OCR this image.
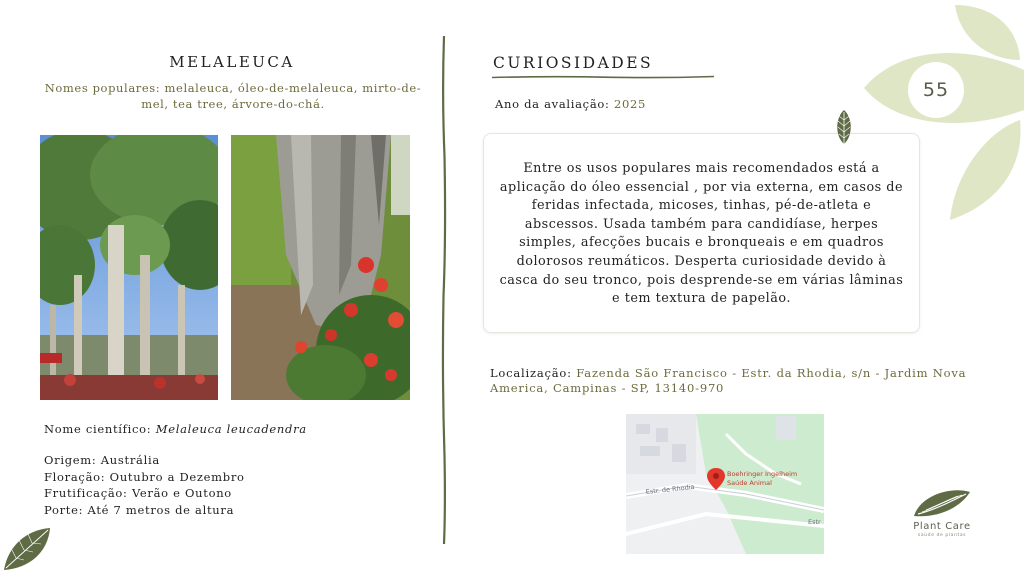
MELALEUCA
Nomes populares: melaleuca, óleo-de-melaleuca, mirto-de-mel, tea tree, árvore-do-chá.
Nome científico: Melaleuca leucadendra
Origem: Austrália
Floração: Outubro a Dezembro
Frutificação: Verão e Outono
Porte: Até 7 metros de altura
CURIOSIDADES
Ano da avaliação: 2025

Entre os usos populares mais recomendados está a aplicação do óleo essencial , por via externa, em casos de feridas infectada, micoses, tinhas, pé-de-atleta e abscessos. Usada também para candidíase, herpes simples, afecções bucais e bronqueais e em quadros dolorosos reumáticos. Desperta curiosidade devido à casca do seu tronco, pois desprende-se em várias lâminas e tem textura de papelão.

Localização: Fazenda São Francisco - Estr. da Rhodia, s/n - Jardim Nova America, Campinas - SP, 13140-970
Estr. de Rhodia
Estr
Boehringer Ingelheim
Saúde Animal
55
Plant Care
saúde de plantas
